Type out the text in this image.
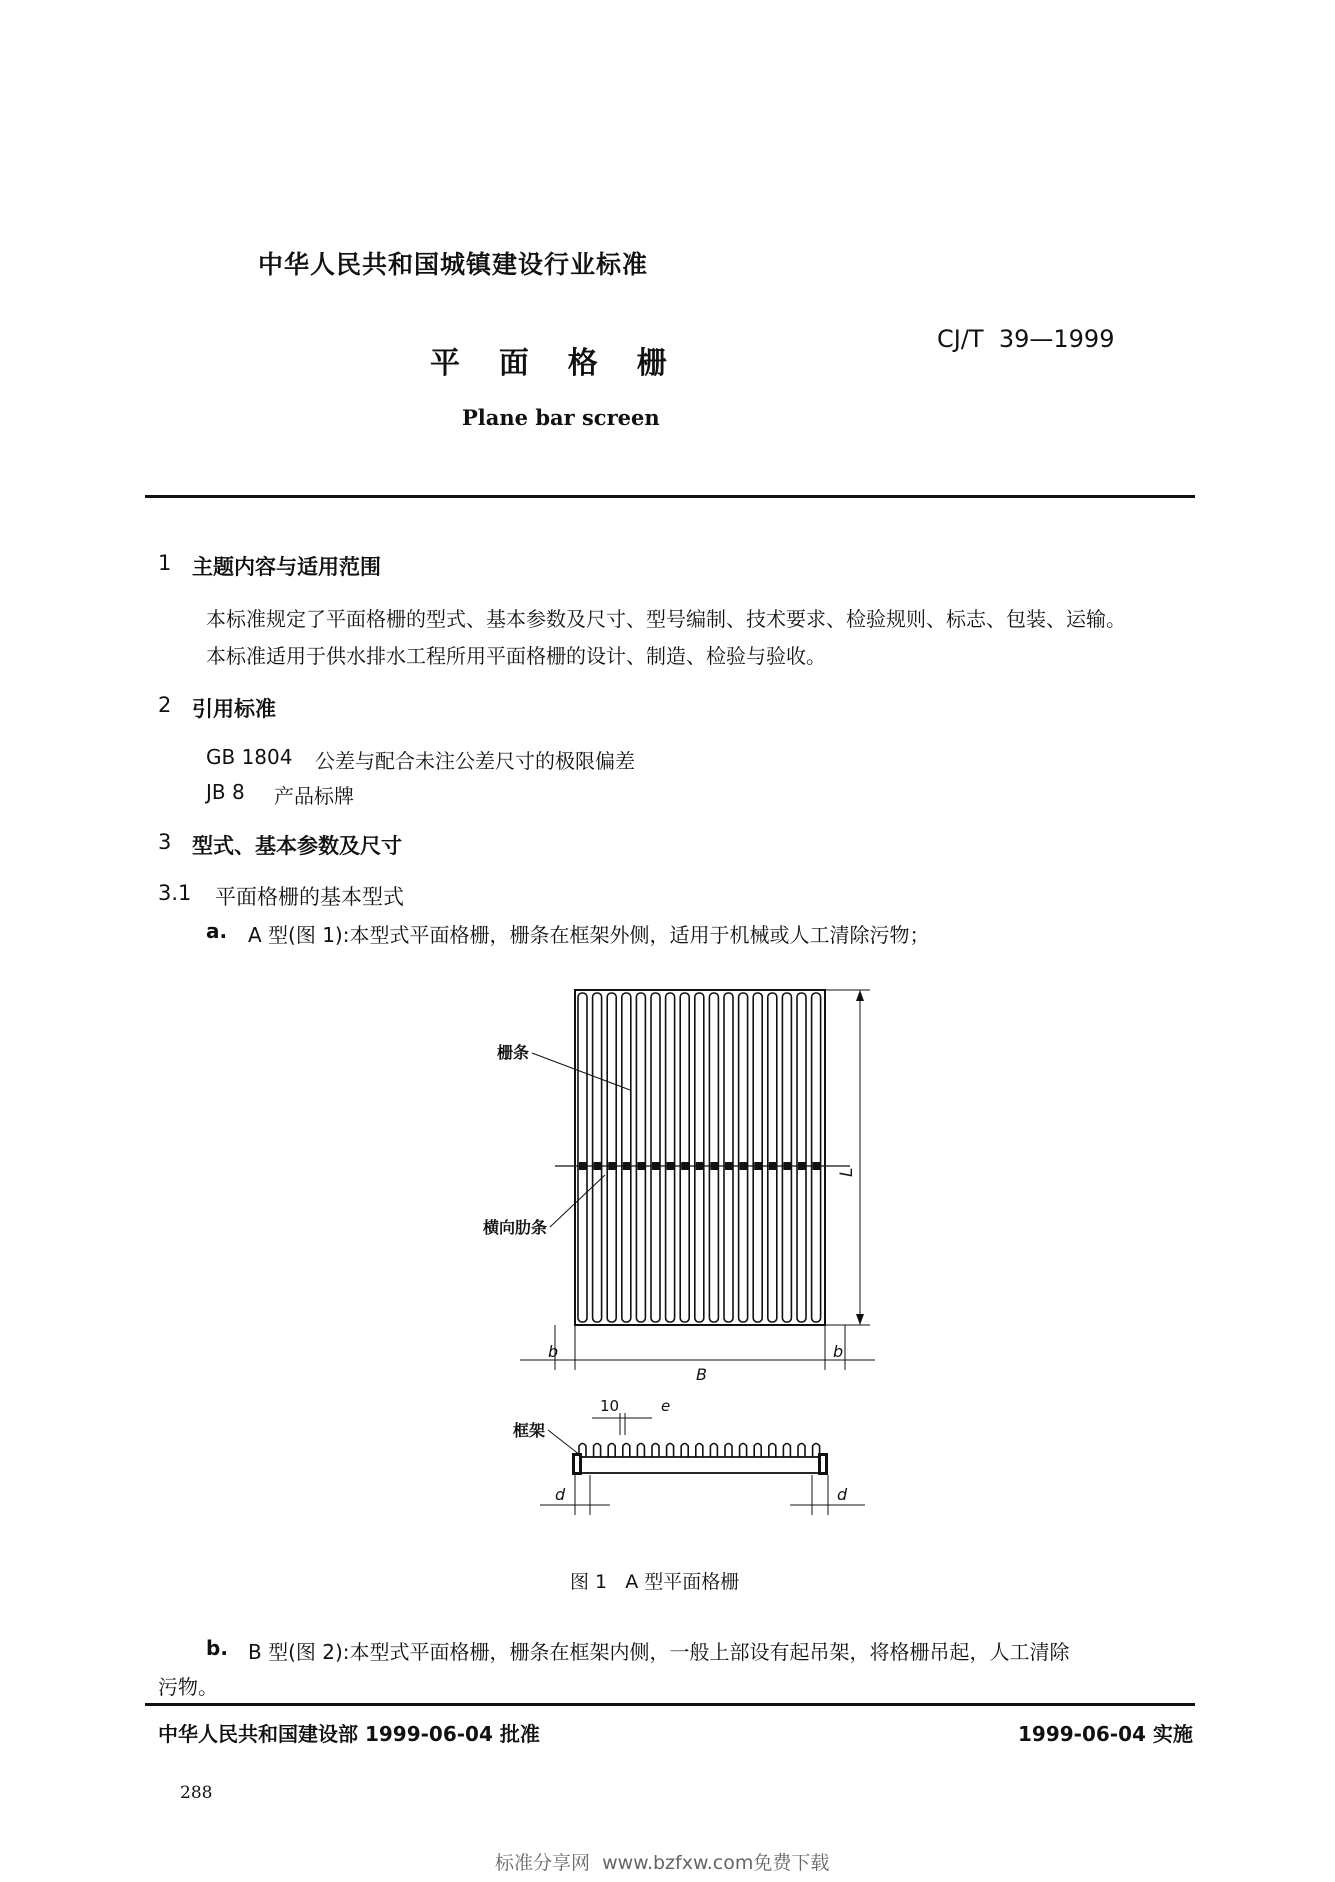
中华人民共和国城镇建设行业标准
平  面  格  栅
CJ/T  39—1999
Plane bar screen
1 主题内容与适用范围
本标准规定了平面格栅的型式、基本参数及尺寸、型号编制、技术要求、检验规则、标志、包装、运输。
本标准适用于供水排水工程所用平面格栅的设计、制造、检验与验收。
2 引用标准
GB 1804 公差与配合未注公差尺寸的极限偏差
JB 8 产品标牌
3 型式、基本参数及尺寸
3.1 平面格栅的基本型式
a. A 型(图 1):本型式平面格栅，栅条在框架外侧，适用于机械或人工清除污物；
L
栅条
横向肋条
b
B
b
10	e
框架
d	d
图 1   A 型平面格栅
b. B 型(图 2):本型式平面格栅，栅条在框架内侧，一般上部设有起吊架，将格栅吊起，人工清除
污物。
中华人民共和国建设部 1999-06-04 批准	1999-06-04 实施
288
标准分享网  www.bzfxw.com免费下载
